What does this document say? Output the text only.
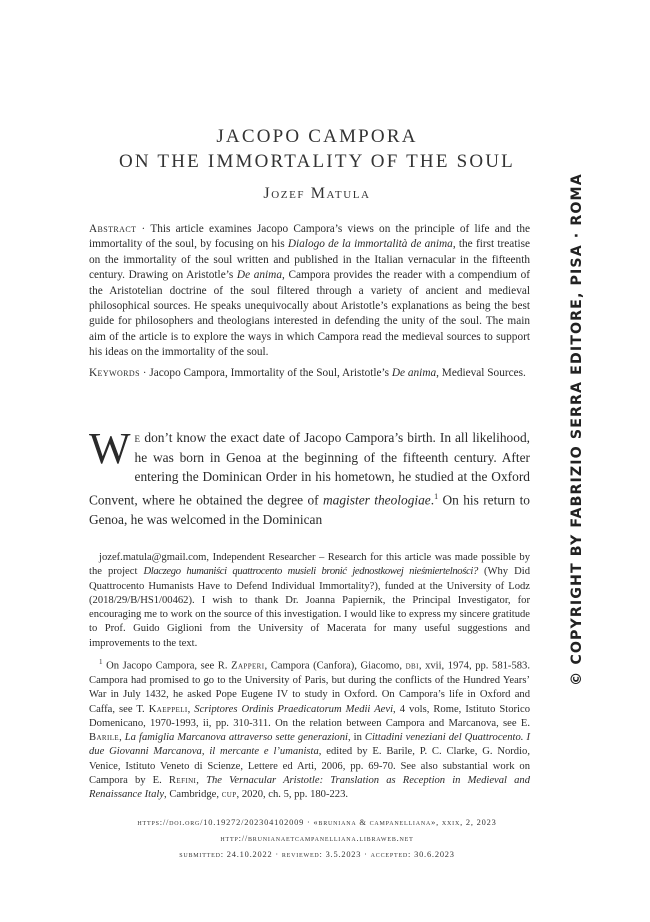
JACOPO CAMPORA
ON THE IMMORTALITY OF THE SOUL
Jozef Matula

Abstract · This article examines Jacopo Campora’s views on the principle of life and the immortality of the soul, by focusing on his Dialogo de la immortalità de anima, the first treatise on the immortality of the soul written and published in the Italian vernacular in the fifteenth century. Drawing on Aristotle’s De anima, Campora provides the reader with a compendium of the Aristotelian doctrine of the soul filtered through a variety of ancient and medieval philosophical sources. He speaks unequivocally about Aristotle’s explanations as being the best guide for philosophers and theologians interested in defending the unity of the soul. The main aim of the article is to explore the ways in which Campora read the medieval sources to support his ideas on the immortality of the soul.

Keywords · Jacopo Campora, Immortality of the Soul, Aristotle’s De anima, Medieval Sources.

We don’t know the exact date of Jacopo Campora’s birth. In all likelihood, he was born in Genoa at the beginning of the fifteenth century. After entering the Dominican Order in his hometown, he studied at the Oxford Convent, where he obtained the degree of magister theologiae.$^1$ On his return to Genoa, he was welcomed in the Dominican

jozef.matula@gmail.com, Independent Researcher – Research for this article was made possible by the project Dlaczego humaniści quattrocento musieli bronić jednostkowej nieśmiertelności? (Why Did Quattrocento Humanists Have to Defend Individual Immortality?), funded at the University of Lodz (2018/29/B/HS1/00462). I wish to thank Dr. Joanna Papiernik, the Principal Investigator, for encouraging me to work on the source of this investigation. I would like to express my sincere gratitude to Prof. Guido Giglioni from the University of Macerata for many useful suggestions and improvements to the text.

$^1$ On Jacopo Campora, see R. Zapperi, Campora (Canfora), Giacomo, dbi, xvii, 1974, pp. 581-583. Campora had promised to go to the University of Paris, but during the conflicts of the Hundred Years’ War in July 1432, he asked Pope Eugene IV to study in Oxford. On Campora’s life in Oxford and Caffa, see T. Kaeppeli, Scriptores Ordinis Praedicatorum Medii Aevi, 4 vols, Rome, Istituto Storico Domenicano, 1970-1993, ii, pp. 310-311. On the relation between Campora and Marcanova, see E. Barile, La famiglia Marcanova attraverso sette generazioni, in Cittadini veneziani del Quattrocento. I due Giovanni Marcanova, il mercante e l’umanista, edited by E. Barile, P. C. Clarke, G. Nordio, Venice, Istituto Veneto di Scienze, Lettere ed Arti, 2006, pp. 69-70. See also substantial work on Campora by E. Refini, The Vernacular Aristotle: Translation as Reception in Medieval and Renaissance Italy, Cambridge, cup, 2020, ch. 5, pp. 180-223.

https://doi.org/10.19272/202304102009 · «bruniana & campanelliana», xxix, 2, 2023
http://brunianaetcampanelliana.libraweb.net
submitted: 24.10.2022 · reviewed: 3.5.2023 · accepted: 30.6.2023
© COPYRIGHT BY FABRIZIO SERRA EDITORE, PISA · ROMA
